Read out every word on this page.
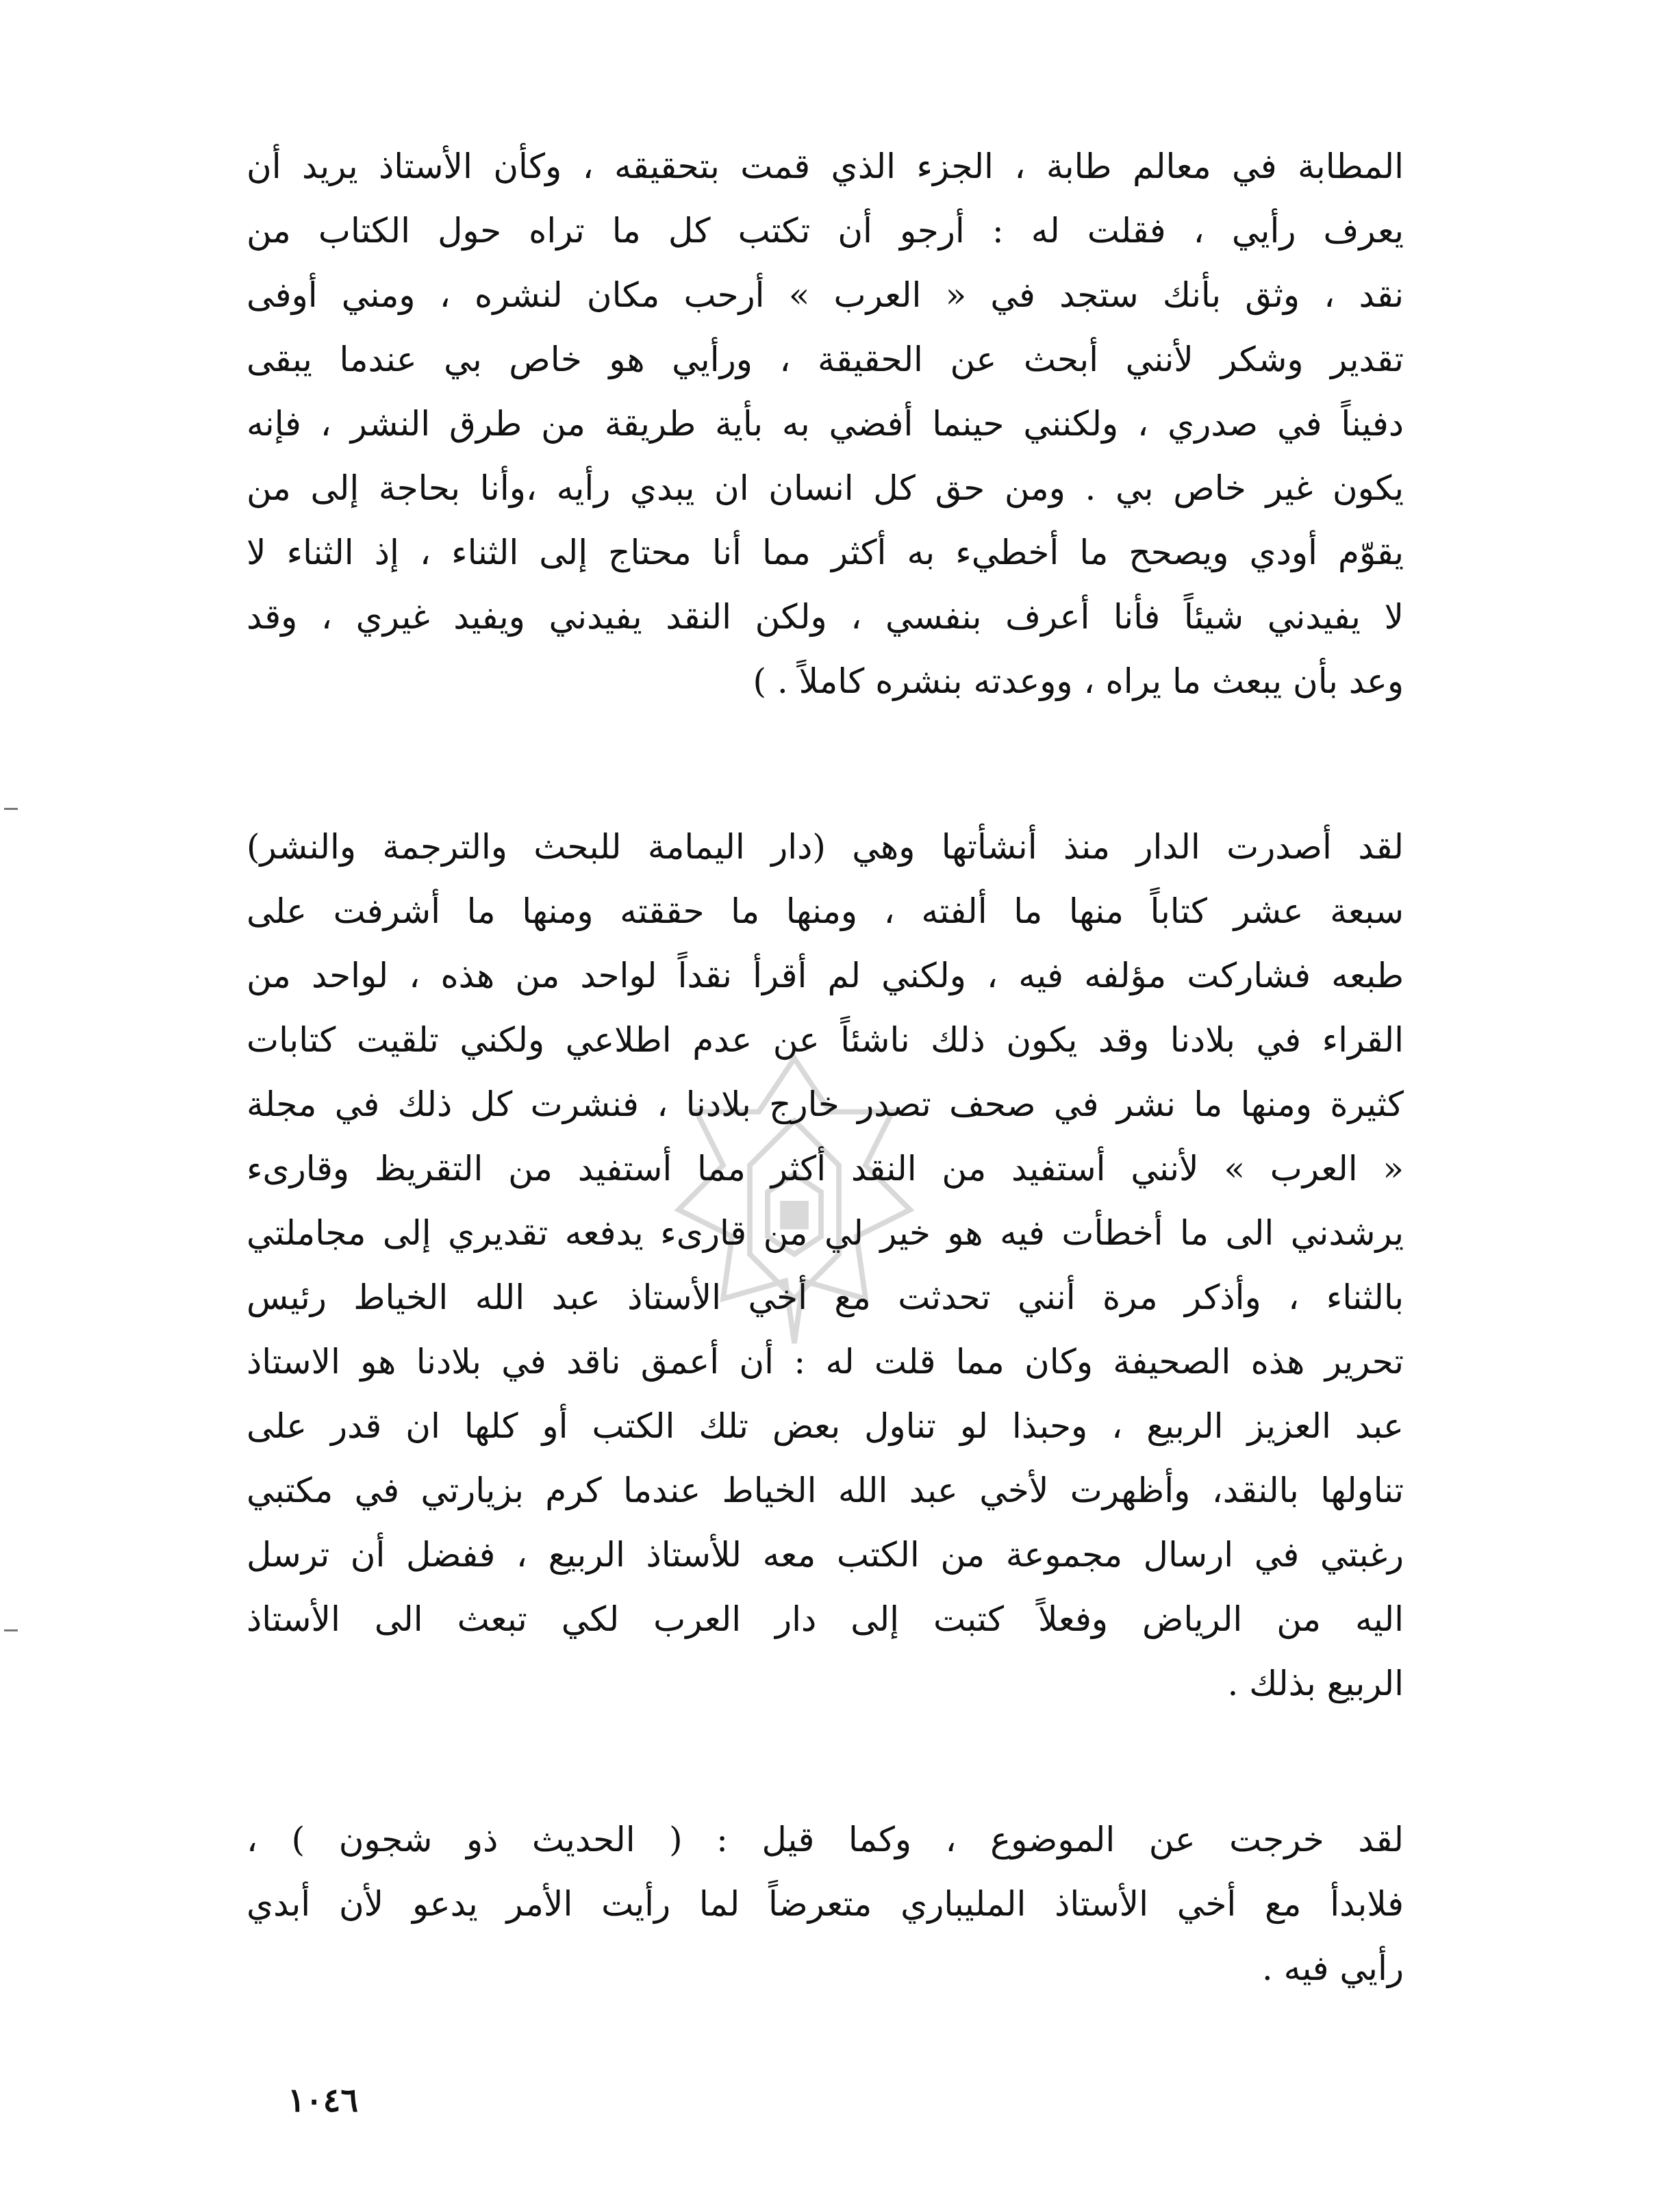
المطابة في معالم طابة ، الجزء الذي قمت بتحقيقه ، وكأن الأستاذ يريد أن
يعرف رأيي ، فقلت له : أرجو أن تكتب كل ما تراه حول الكتاب من
نقد ، وثق بأنك ستجد في « العرب » أرحب مكان لنشره ، ومني أوفى
تقدير وشكر لأنني أبحث عن الحقيقة ، ورأيي هو خاص بي عندما يبقى
دفيناً في صدري ، ولكنني حينما أفضي به بأية طريقة من طرق النشر ، فإنه
يكون غير خاص بي . ومن حق كل انسان ان يبدي رأيه ،وأنا بحاجة إلى من
يقوّم أودي ويصحح ما أخطيء به أكثر مما أنا محتاج إلى الثناء ، إذ الثناء لا
لا يفيدني شيئاً فأنا أعرف بنفسي ، ولكن النقد يفيدني ويفيد غيري ، وقد
وعد بأن يبعث ما يراه ، ووعدته بنشره كاملاً . )
لقد أصدرت الدار منذ أنشأتها وهي (دار اليمامة للبحث والترجمة والنشر)
سبعة عشر كتاباً منها ما ألفته ، ومنها ما حققته ومنها ما أشرفت على
طبعه فشاركت مؤلفه فيه ، ولكني لم أقرأ نقداً لواحد من هذه ، لواحد من
القراء في بلادنا وقد يكون ذلك ناشئاً عن عدم اطلاعي ولكني تلقيت كتابات
كثيرة ومنها ما نشر في صحف تصدر خارج بلادنا ، فنشرت كل ذلك في مجلة
« العرب » لأنني أستفيد من النقد أكثر مما أستفيد من التقريظ وقارىء
يرشدني الى ما أخطأت فيه هو خير لي من قارىء يدفعه تقديري إلى مجاملتي
بالثناء ، وأذكر مرة أنني تحدثت مع أخي الأستاذ عبد الله الخياط رئيس
تحرير هذه الصحيفة وكان مما قلت له : أن أعمق ناقد في بلادنا هو الاستاذ
عبد العزيز الربيع ، وحبذا لو تناول بعض تلك الكتب أو كلها ان قدر على
تناولها بالنقد، وأظهرت لأخي عبد الله الخياط عندما كرم بزيارتي في مكتبي
رغبتي في ارسال مجموعة من الكتب معه للأستاذ الربيع ، ففضل أن ترسل
اليه من الرياض وفعلاً كتبت إلى دار العرب لكي تبعث الى الأستاذ
الربيع بذلك .
لقد خرجت عن الموضوع ، وكما قيل : ( الحديث ذو شجون ) ،
فلابدأ مع أخي الأستاذ المليباري متعرضاً لما رأيت الأمر يدعو لأن أبدي
رأيي فيه .
١٠٤٦
